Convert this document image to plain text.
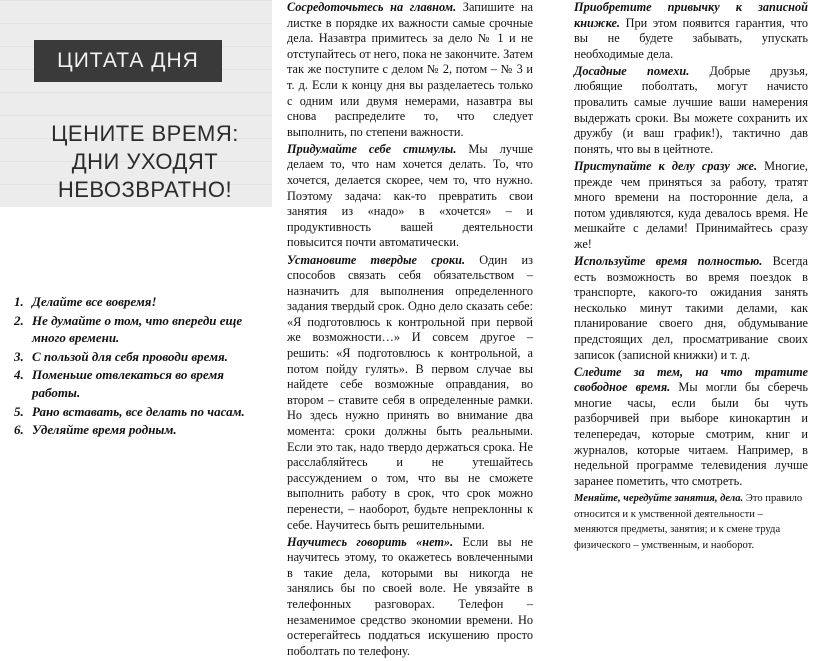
ЦИТАТА ДНЯ
ЦЕНИТЕ ВРЕМЯ:
ДНИ УХОДЯТ
НЕВОЗВРАТНО!
1. Делайте все вовремя!
2. Не думайте о том, что впереди еще много времени.
3. С пользой для себя проводи время.
4. Поменьше отвлекаться во время работы.
5. Рано вставать, все делать по часам.
6. Уделяйте время родным.

Сосредоточьтесь на главном. Запишите на листке в порядке их важности самые срочные дела. Назавтра примитесь за дело № 1 и не отступайтесь от него, пока не закончите. Затем так же поступите с делом № 2, потом – № 3 и т. д. Если к концу дня вы разделаетесь только с одним или двумя немерами, назавтра вы снова распределите то, что следует выполнить, по степени важности.

Придумайте себе стимулы. Мы лучше делаем то, что нам хочется делать. То, что хочется, делается скорее, чем то, что нужно. Поэтому задача: как-то превратить свои занятия из «надо» в «хочется» – и продуктивность вашей деятельности повысится почти автоматически.

Установите твердые сроки. Один из способов связать себя обязательством – назначить для выполнения определенного задания твердый срок. Одно дело сказать себе: «Я подготовлюсь к контрольной при первой же возможности…» И совсем другое – решить: «Я подготовлюсь к контрольной, а потом пойду гулять». В первом случае вы найдете себе возможные оправдания, во втором – ставите себя в определенные рамки. Но здесь нужно принять во внимание два момента: сроки должны быть реальными. Если это так, надо твердо держаться срока. Не расслабляйтесь и не утешайтесь рассуждением о том, что вы не сможете выполнить работу в срок, что срок можно перенести, – наоборот, будьте непреклонны к себе. Научитесь быть решительными.

Научитесь говорить «нет». Если вы не научитесь этому, то окажетесь вовлеченными в такие дела, которыми вы никогда не занялись бы по своей воле. Не увязайте в телефонных разговорах. Телефон – незаменимое средство экономии времени. Но остерегайтесь поддаться искушению просто поболтать по телефону.

Приобретите привычку к записной книжке. При этом появится гарантия, что вы не будете забывать, упускать необходимые дела.

Досадные помехи. Добрые друзья, любящие поболтать, могут начисто провалить самые лучшие ваши намерения выдержать сроки. Вы можете сохранить их дружбу (и ваш график!), тактично дав понять, что вы в цейтноте.

Приступайте к делу сразу же. Многие, прежде чем приняться за работу, тратят много времени на посторонние дела, а потом удивляются, куда девалось время. Не мешкайте с делами! Принимайтесь сразу же!

Используйте время полностью. Всегда есть возможность во время поездок в транспорте, какого-то ожидания занять несколько минут такими делами, как планирование своего дня, обдумывание предстоящих дел, просматривание своих записок (записной книжки) и т. д.

Следите за тем, на что тратите свободное время. Мы могли бы сберечь многие часы, если были бы чуть разборчивей при выборе кинокартин и телепередач, которые смотрим, книг и журналов, которые читаем. Например, в недельной программе телевидения лучше заранее пометить, что смотреть.

Меняйте, чередуйте занятия, дела. Это правило относится и к умственной деятельности – меняются предметы, занятия; и к смене труда физического – умственным, и наоборот.
